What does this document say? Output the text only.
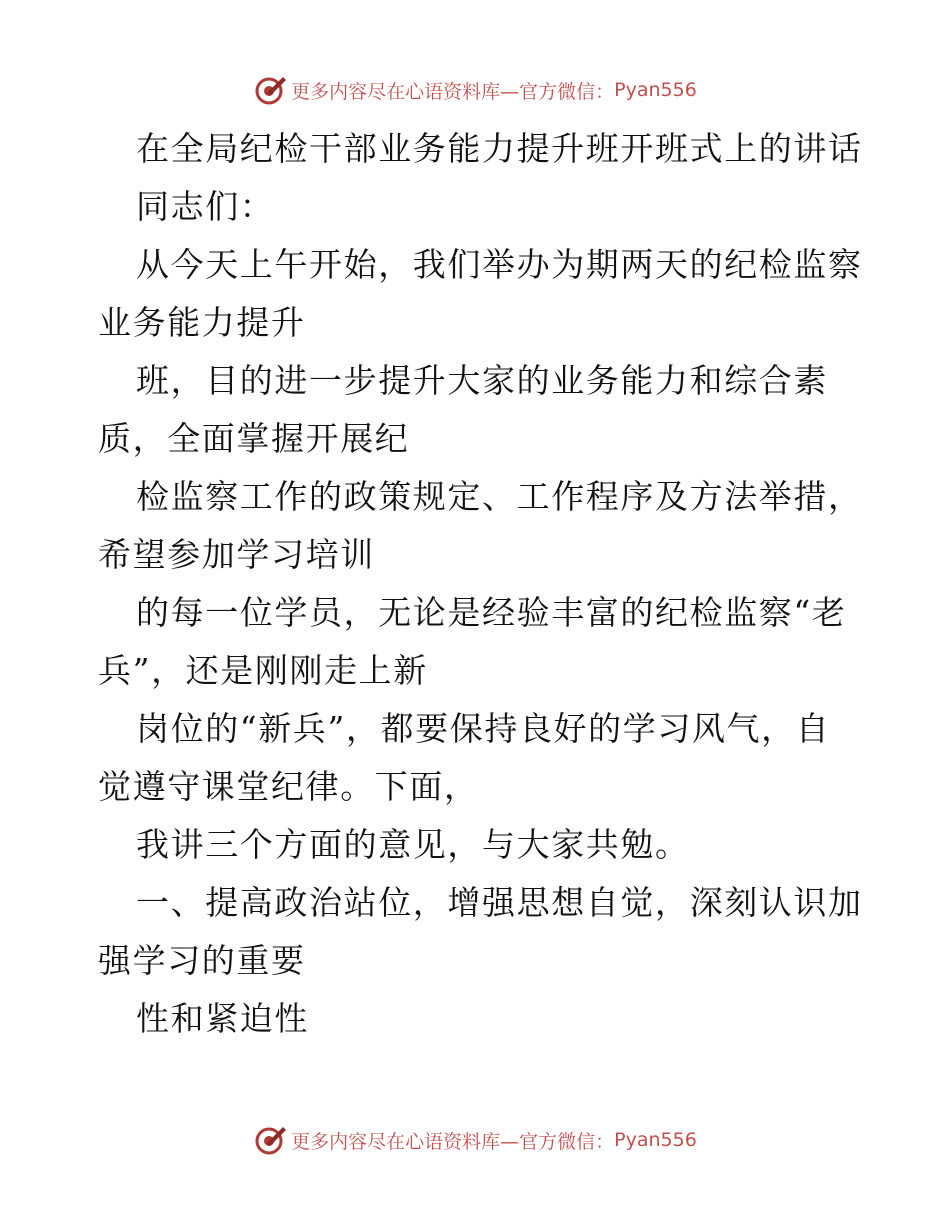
更多内容尽在心语资料库—官方微信： Pyan556
在全局纪检干部业务能力提升班开班式上的讲话
同志们：
从今天上午开始，我们举办为期两天的纪检监察
业务能力提升
班，目的进一步提升大家的业务能力和综合素
质，全面掌握开展纪
检监察工作的政策规定、工作程序及方法举措，
希望参加学习培训
的每一位学员，无论是经验丰富的纪检监察“老
兵”，还是刚刚走上新
岗位的“新兵”，都要保持良好的学习风气，自
觉遵守课堂纪律。下面，
我讲三个方面的意见，与大家共勉。
一、提高政治站位，增强思想自觉，深刻认识加
强学习的重要
性和紧迫性
更多内容尽在心语资料库—官方微信： Pyan556
